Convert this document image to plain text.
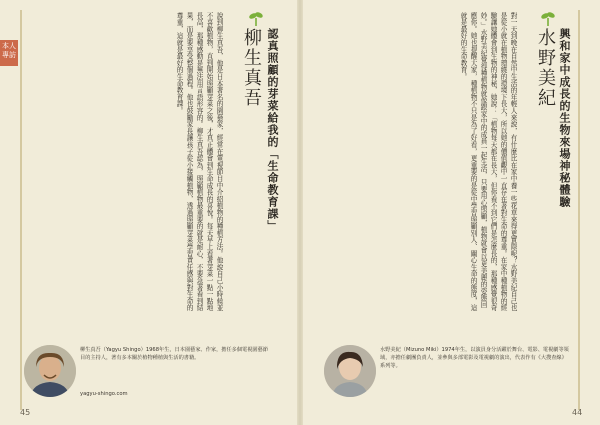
本人專訪	興和家中成長的生物來場神秘體驗
水野美紀
對一天到晚在自然中生活的年輕人來說，有什麼比在家中養一些花草來得更實際呢？水野美紀自己也是從小就在植物環繞的環境下長大，所以她的價值觀中一直存在著對生命的尊重。在家中種植物的經驗讓她體會到生物的神秘，她說：「植物每天都在長大，但你看不到它們是怎麼長的，那種感覺很奇妙。」水野美紀覺得種植物就像跟家中的成員一起生活，只要用心照顧，植物就會以更美麗的姿態回應你。她也提醒大家，種植物不只是為了好看，更重要的是從中學習照顧別人、關心生命的態度，這就是最好的生命教育。
水野美紀（Mizuno Miki）1974年生，以演員身分活躍於舞台、電影、電視劇等領域，亦擔任劇團負責人，並參與多部電影及電視劇的演出，代表作有《大搜查線》系列等。
44
認真照顧的芽菜給我的「生命教育課」
柳生真吾
說到柳生真吾，他是日本著名的園藝家，經常在電視節目中介紹植物的種植方法。他說自己小時候並不喜歡植物，直到開始照顧芽菜之後，才真正體會到生命成長的喜悅。每天早上看著芽菜一點一點地長高，那種感動是無法用言語形容的。柳生真吾認為，照顧植物最重要的就是耐心，不要急著看到結果，而是要享受整個過程。他也鼓勵家長讓孩子從小接觸植物，透過照顧芽菜學習責任感與對生命的尊重，這就是最好的生命教育課。
柳生真吾（Yagyu Shingo）1968年生，日本園藝家、作家，擔任多個電視園藝節目的主持人，著有多本關於植物種植與生活的書籍。
yagyu-shingo.com
45
